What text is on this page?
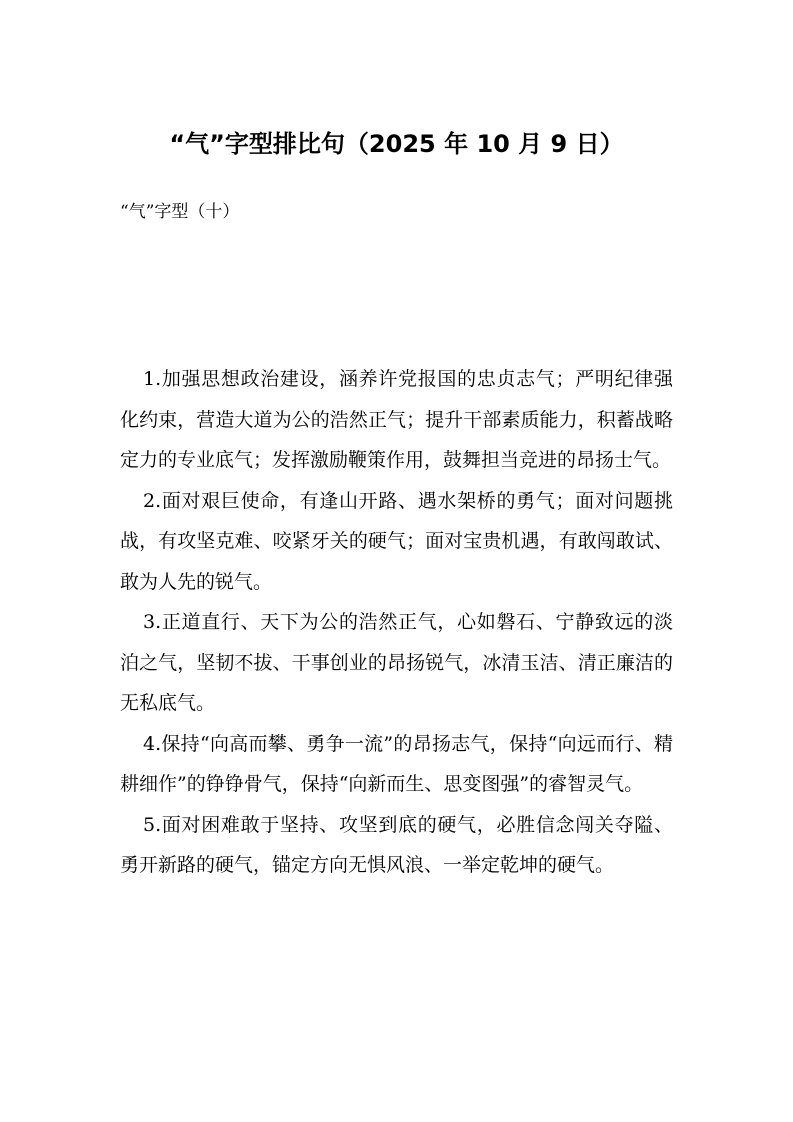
“气”字型排比句（2025 年 10 月 9 日）
“气”字型（十）

1.加强思想政治建设，涵养许党报国的忠贞志气；严明纪律强化约束，营造大道为公的浩然正气；提升干部素质能力，积蓄战略定力的专业底气；发挥激励鞭策作用，鼓舞担当竞进的昂扬士气。

2.面对艰巨使命，有逢山开路、遇水架桥的勇气；面对问题挑战，有攻坚克难、咬紧牙关的硬气；面对宝贵机遇，有敢闯敢试、敢为人先的锐气。

3.正道直行、天下为公的浩然正气，心如磐石、宁静致远的淡泊之气，坚韧不拔、干事创业的昂扬锐气，冰清玉洁、清正廉洁的无私底气。

4.保持“向高而攀、勇争一流”的昂扬志气，保持“向远而行、精耕细作”的铮铮骨气，保持“向新而生、思变图强”的睿智灵气。

5.面对困难敢于坚持、攻坚到底的硬气，必胜信念闯关夺隘、勇开新路的硬气，锚定方向无惧风浪、一举定乾坤的硬气。
